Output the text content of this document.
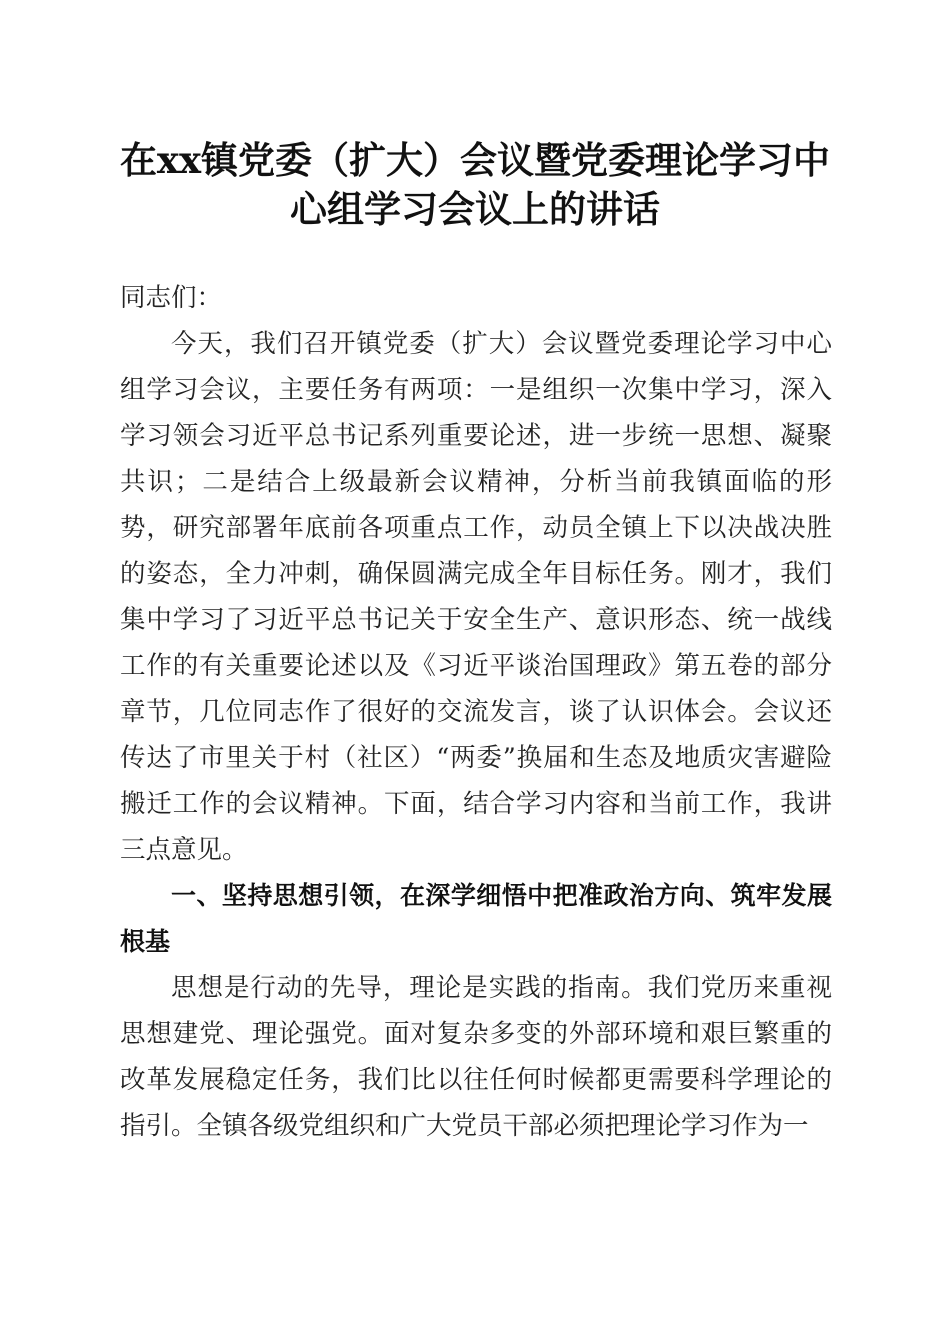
在xx镇党委（扩大）会议暨党委理论学习中
心组学习会议上的讲话

同志们：

今天，我们召开镇党委（扩大）会议暨党委理论学习中心组学习会议，主要任务有两项：一是组织一次集中学习，深入学习领会习近平总书记系列重要论述，进一步统一思想、凝聚共识；二是结合上级最新会议精神，分析当前我镇面临的形势，研究部署年底前各项重点工作，动员全镇上下以决战决胜的姿态，全力冲刺，确保圆满完成全年目标任务。刚才，我们集中学习了习近平总书记关于安全生产、意识形态、统一战线工作的有关重要论述以及《习近平谈治国理政》第五卷的部分章节，几位同志作了很好的交流发言，谈了认识体会。会议还传达了市里关于村（社区）“两委”换届和生态及地质灾害避险搬迁工作的会议精神。下面，结合学习内容和当前工作，我讲三点意见。

一、坚持思想引领，在深学细悟中把准政治方向、筑牢发展根基

思想是行动的先导，理论是实践的指南。我们党历来重视思想建党、理论强党。面对复杂多变的外部环境和艰巨繁重的改革发展稳定任务，我们比以往任何时候都更需要科学理论的指引。全镇各级党组织和广大党员干部必须把理论学习作为一
